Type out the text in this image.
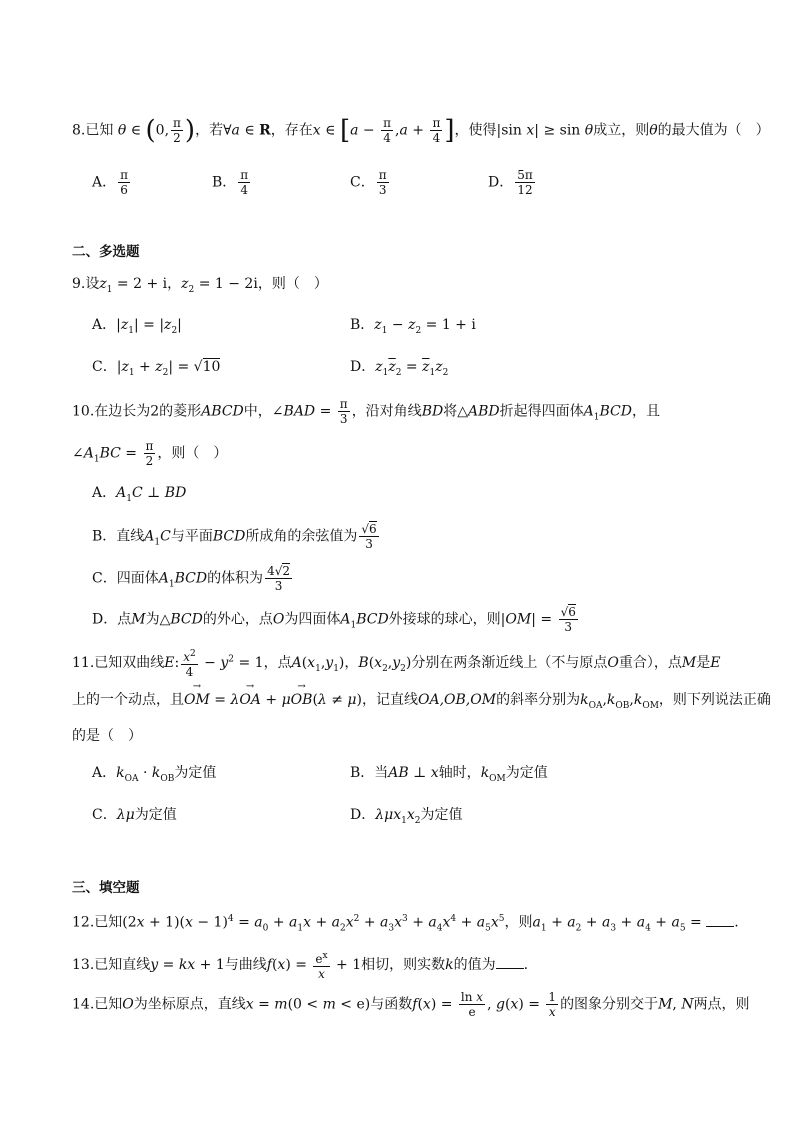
8.已知 θ ∈ (0, $\frac{\pi}{2}$ )，若∀a ∈ R，存在x ∈ [$a - \frac{\pi}{4} ,a + \frac{\pi}{4}$ ]，使得|sin x| ≥ sin θ成立，则θ的最大值为（　）
A． $\frac{\pi}{6}$	B． $\frac{\pi}{4}$	C． $\frac{\pi}{3}$	D． $\frac{5\pi}{12}$
二、多选题
9.设$z_1 = 2 + i$，$z_2 = 1 - 2i$，则（　）
A．$|z_1| = |z_2|$	B．$z_1 - z_2 = 1 + i$
C．$|z_1 + z_2| = √10$	D．$z_1\overline{z}_2 = \overline{z}_1z_2$
10.在边长为2的菱形ABCD中，∠BAD = $\frac{\pi}{3}$ ，沿对角线BD将△ABD折起得四面体$A_1BCD$，且
$\angle A_1BC = \frac{\pi}{2}$ ，则（　）
A．$A_1C$ ⊥ BD
B．直线$A_1C$与平面BCD所成角的余弦值为 $\frac{√6}{3}$
C．四面体$A_1BCD$的体积为 $\frac{4√2}{3}$
D．点M为△BCD的外心，点O为四面体$A_1BCD$外接球的球心，则$|OM| = \frac{√6}{3}$
11.已知双曲线E: $\frac{x^2}{4} - y^2 = 1$，点$A(x_1,y_1)$，$B(x_2,y_2)$分别在两条渐近线上（不与原点O重合），点M是E
上的一个动点，且→ OM = λ→ OA + μ→ OB(λ ≠ μ)，记直线OA,OB,OM的斜率分别为$k_{OA},k_{OB},k_{OM}$，则下列说法正确
的是（　）
A．$k_{OA} \cdot k_{OB}$为定值	B．当AB ⊥ x轴时，$k_{OM}$为定值
C．λμ为定值	D．$\lambda\mu x_1x_2$为定值
三、填空题
12.已知$(2x + 1)(x - 1)^4 = a_0 + a_1x + a_2x^2 + a_3x^3 + a_4x^4 + a_5x^5$，则$a_1 + a_2 + a_3 + a_4 + a_5$ = .
13.已知直线y = kx + 1与曲线$f(x) = \frac{e^x}{x} + 1$相切，则实数k的值为 .
14.已知O为坐标原点，直线x = m(0 < m < e)与函数$f(x) = \frac{\text{ln x}}{e}$ , $g(x) = \frac{1}{x}$ 的图象分别交于M, N两点，则
